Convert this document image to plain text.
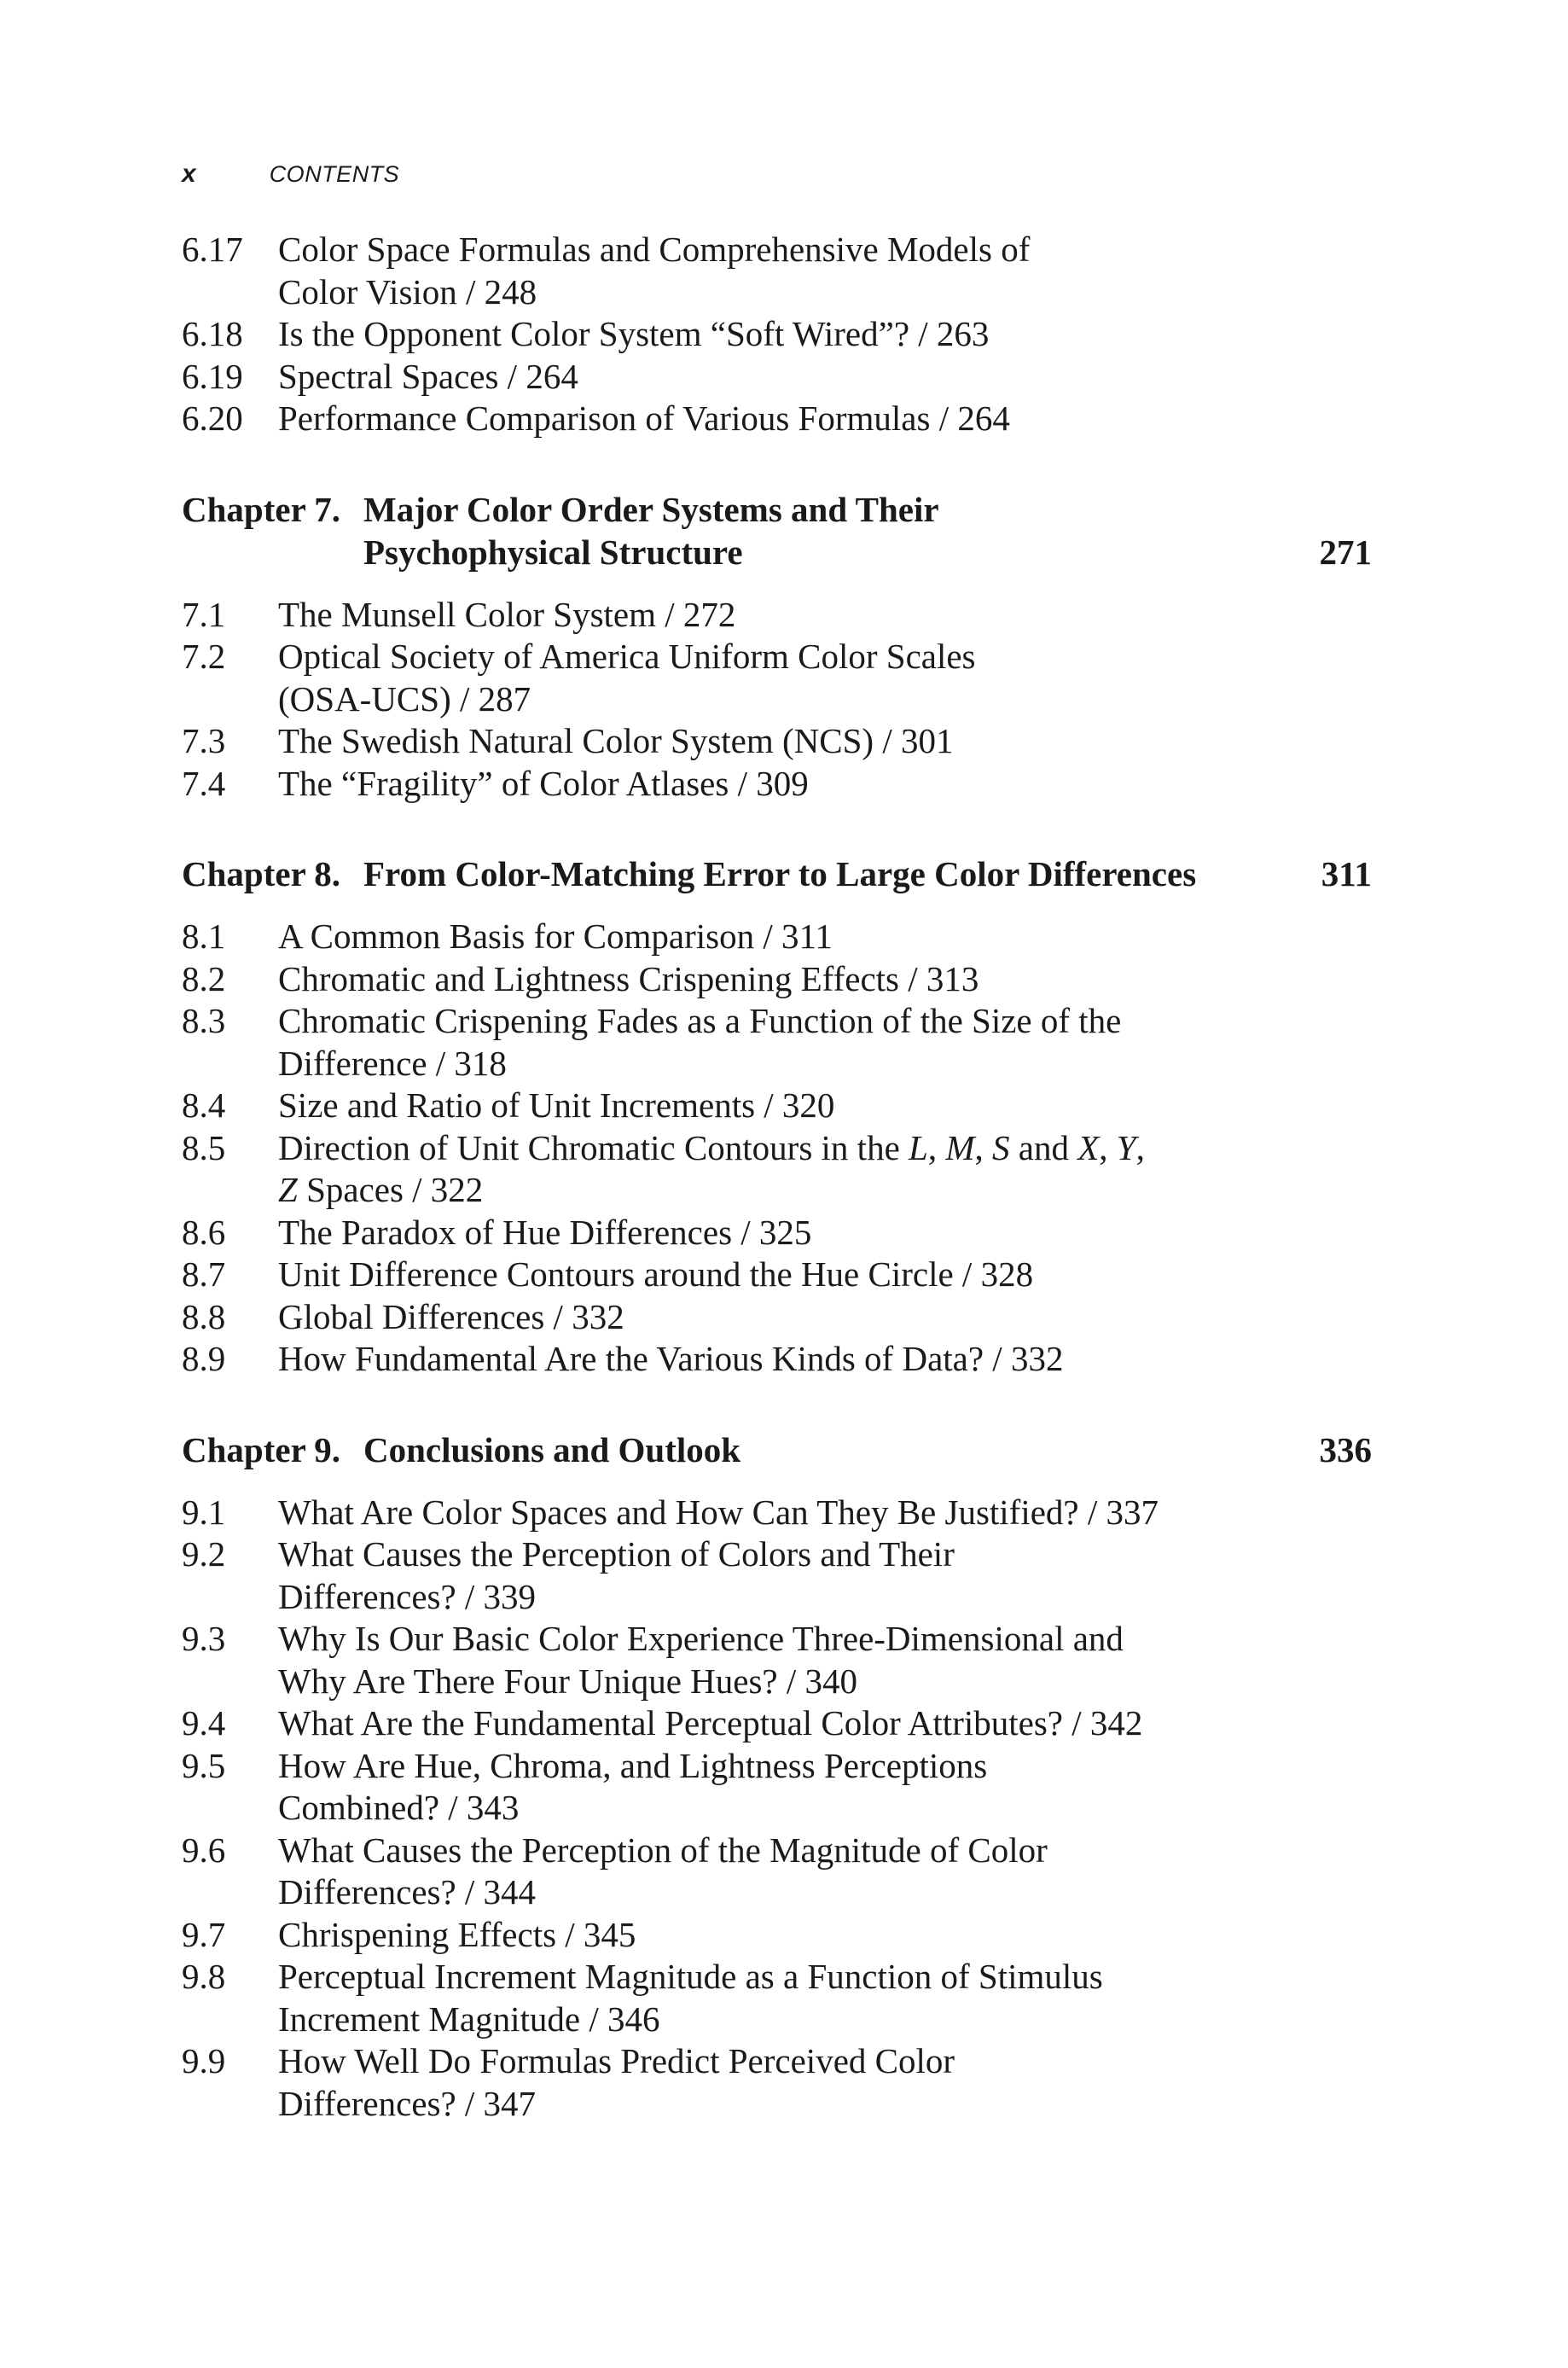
x	CONTENTS
6.17	Color Space Formulas and Comprehensive Models of
Color Vision / 248
6.18	Is the Opponent Color System “Soft Wired”? / 263
6.19	Spectral Spaces / 264
6.20	Performance Comparison of Various Formulas / 264
Chapter 7. Major Color Order Systems and Their
Psychophysical Structure	271
7.1	The Munsell Color System / 272
7.2	Optical Society of America Uniform Color Scales
(OSA-UCS) / 287
7.3	The Swedish Natural Color System (NCS) / 301
7.4	The “Fragility” of Color Atlases / 309
Chapter 8. From Color-Matching Error to Large Color Differences	311
8.1	A Common Basis for Comparison / 311
8.2	Chromatic and Lightness Crispening Effects / 313
8.3	Chromatic Crispening Fades as a Function of the Size of the
Difference / 318
8.4	Size and Ratio of Unit Increments / 320
8.5	Direction of Unit Chromatic Contours in the L, M, S and X, Y,
Z Spaces / 322
8.6	The Paradox of Hue Differences / 325
8.7	Unit Difference Contours around the Hue Circle / 328
8.8	Global Differences / 332
8.9	How Fundamental Are the Various Kinds of Data? / 332
Chapter 9. Conclusions and Outlook	336
9.1	What Are Color Spaces and How Can They Be Justified? / 337
9.2	What Causes the Perception of Colors and Their
Differences? / 339
9.3	Why Is Our Basic Color Experience Three-Dimensional and
Why Are There Four Unique Hues? / 340
9.4	What Are the Fundamental Perceptual Color Attributes? / 342
9.5	How Are Hue, Chroma, and Lightness Perceptions
Combined? / 343
9.6	What Causes the Perception of the Magnitude of Color
Differences? / 344
9.7	Chrispening Effects / 345
9.8	Perceptual Increment Magnitude as a Function of Stimulus
Increment Magnitude / 346
9.9	How Well Do Formulas Predict Perceived Color
Differences? / 347
